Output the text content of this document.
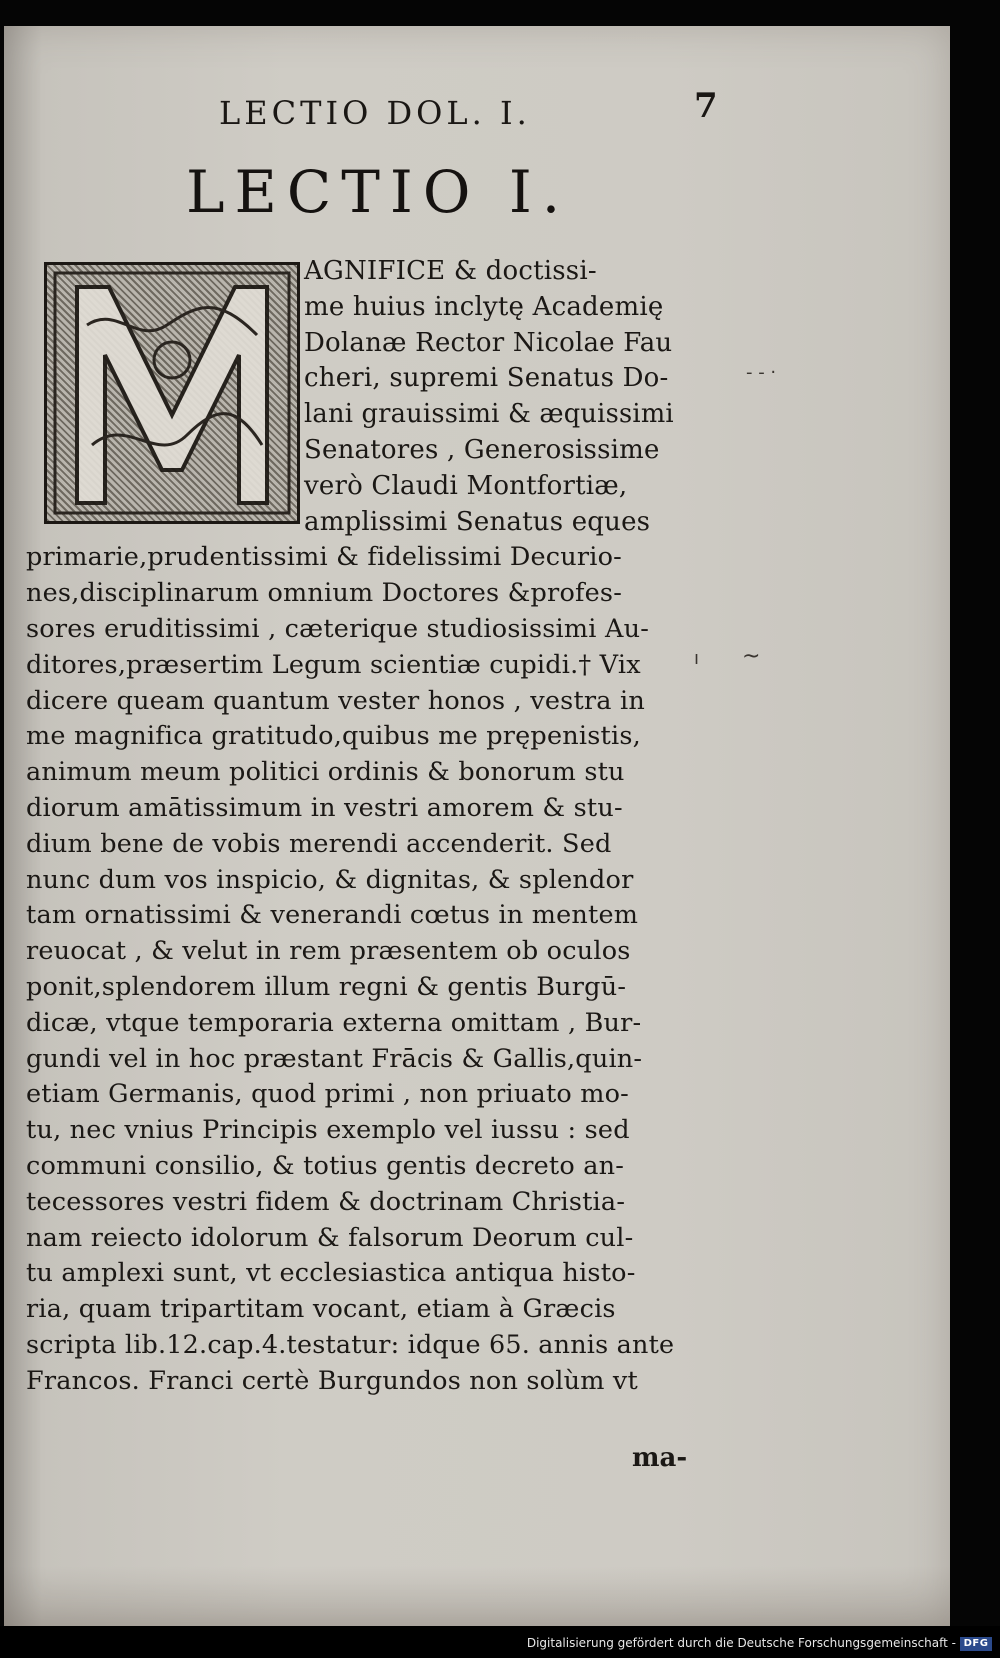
LECTIO DOL. I.	7
LECTIO I.
AGNIFICE & doctissi-
me huius inclytę Academię
Dolanæ Rector Nicolae Fau
cheri, supremi Senatus Do-
lani grauissimi & æquissimi
Senatores , Generosissime
verò Claudi Montfortiæ,
amplissimi Senatus eques
primarie,prudentissimi & fidelissimi Decurio-
nes,disciplinarum omnium Doctores &profes-
sores eruditissimi , cæterique studiosissimi Au-
ditores,præsertim Legum scientiæ cupidi.† Vix
dicere queam quantum vester honos , vestra in
me magnifica gratitudo,quibus me prępenistis,
animum meum politici ordinis & bonorum stu
diorum amātissimum in vestri amorem & stu-
dium bene de vobis merendi accenderit. Sed
nunc dum vos inspicio, & dignitas, & splendor
tam ornatissimi & venerandi cœtus in mentem
reuocat , & velut in rem præsentem ob oculos
ponit,splendorem illum regni & gentis Burgū-
dicæ, vtque temporaria externa omittam , Bur-
gundi vel in hoc præstant Frācis & Gallis,quin-
etiam Germanis, quod primi , non priuato mo-
tu, nec vnius Principis exemplo vel iussu : sed
communi consilio, & totius gentis decreto an-
tecessores vestri fidem & doctrinam Christia-
nam reiecto idolorum & falsorum Deorum cul-
tu amplexi sunt, vt ecclesiastica antiqua histo-
ria, quam tripartitam vocant, etiam à Græcis
scripta lib.12.cap.4.testatur: idque 65. annis ante
Francos. Franci certè Burgundos non solùm vt
ma-
- - ·
ı ~
Digitalisierung gefördert durch die Deutsche Forschungsgemeinschaft - DFG
